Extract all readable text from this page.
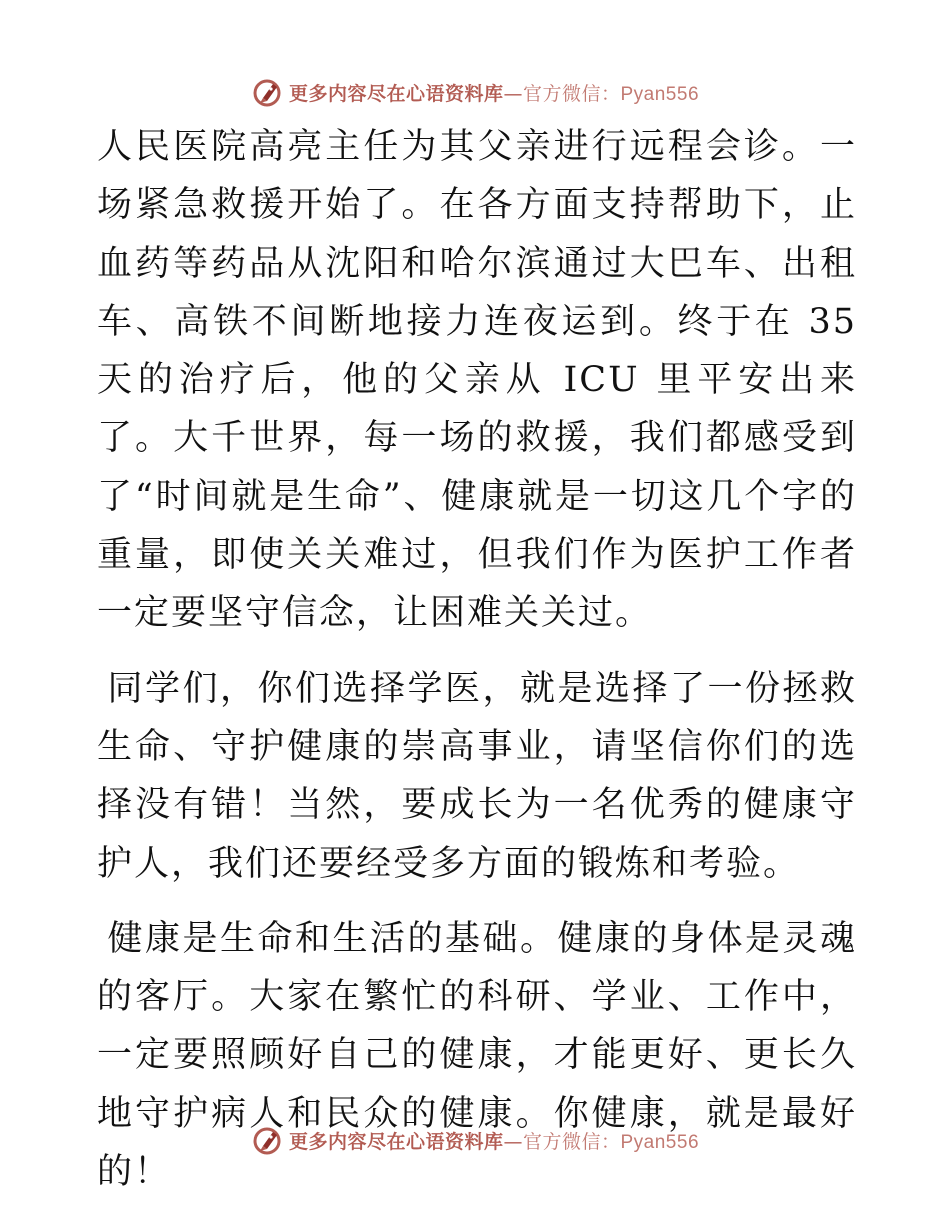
更多内容尽在心语资料库—官方微信：Pyan556

人民医院高亮主任为其父亲进行远程会诊。一场紧急救援开始了。在各方面支持帮助下，止血药等药品从沈阳和哈尔滨通过大巴车、出租车、高铁不间断地接力连夜运到。终于在 35 天的治疗后，他的父亲从 ICU 里平安出来了。大千世界，每一场的救援，我们都感受到了“时间就是生命”、健康就是一切这几个字的重量，即使关关难过，但我们作为医护工作者一定要坚守信念，让困难关关过。

同学们，你们选择学医，就是选择了一份拯救生命、守护健康的崇高事业，请坚信你们的选择没有错！当然，要成长为一名优秀的健康守护人，我们还要经受多方面的锻炼和考验。

健康是生命和生活的基础。健康的身体是灵魂的客厅。大家在繁忙的科研、学业、工作中，一定要照顾好自己的健康，才能更好、更长久地守护病人和民众的健康。你健康，就是最好的！

更多内容尽在心语资料库—官方微信：Pyan556
